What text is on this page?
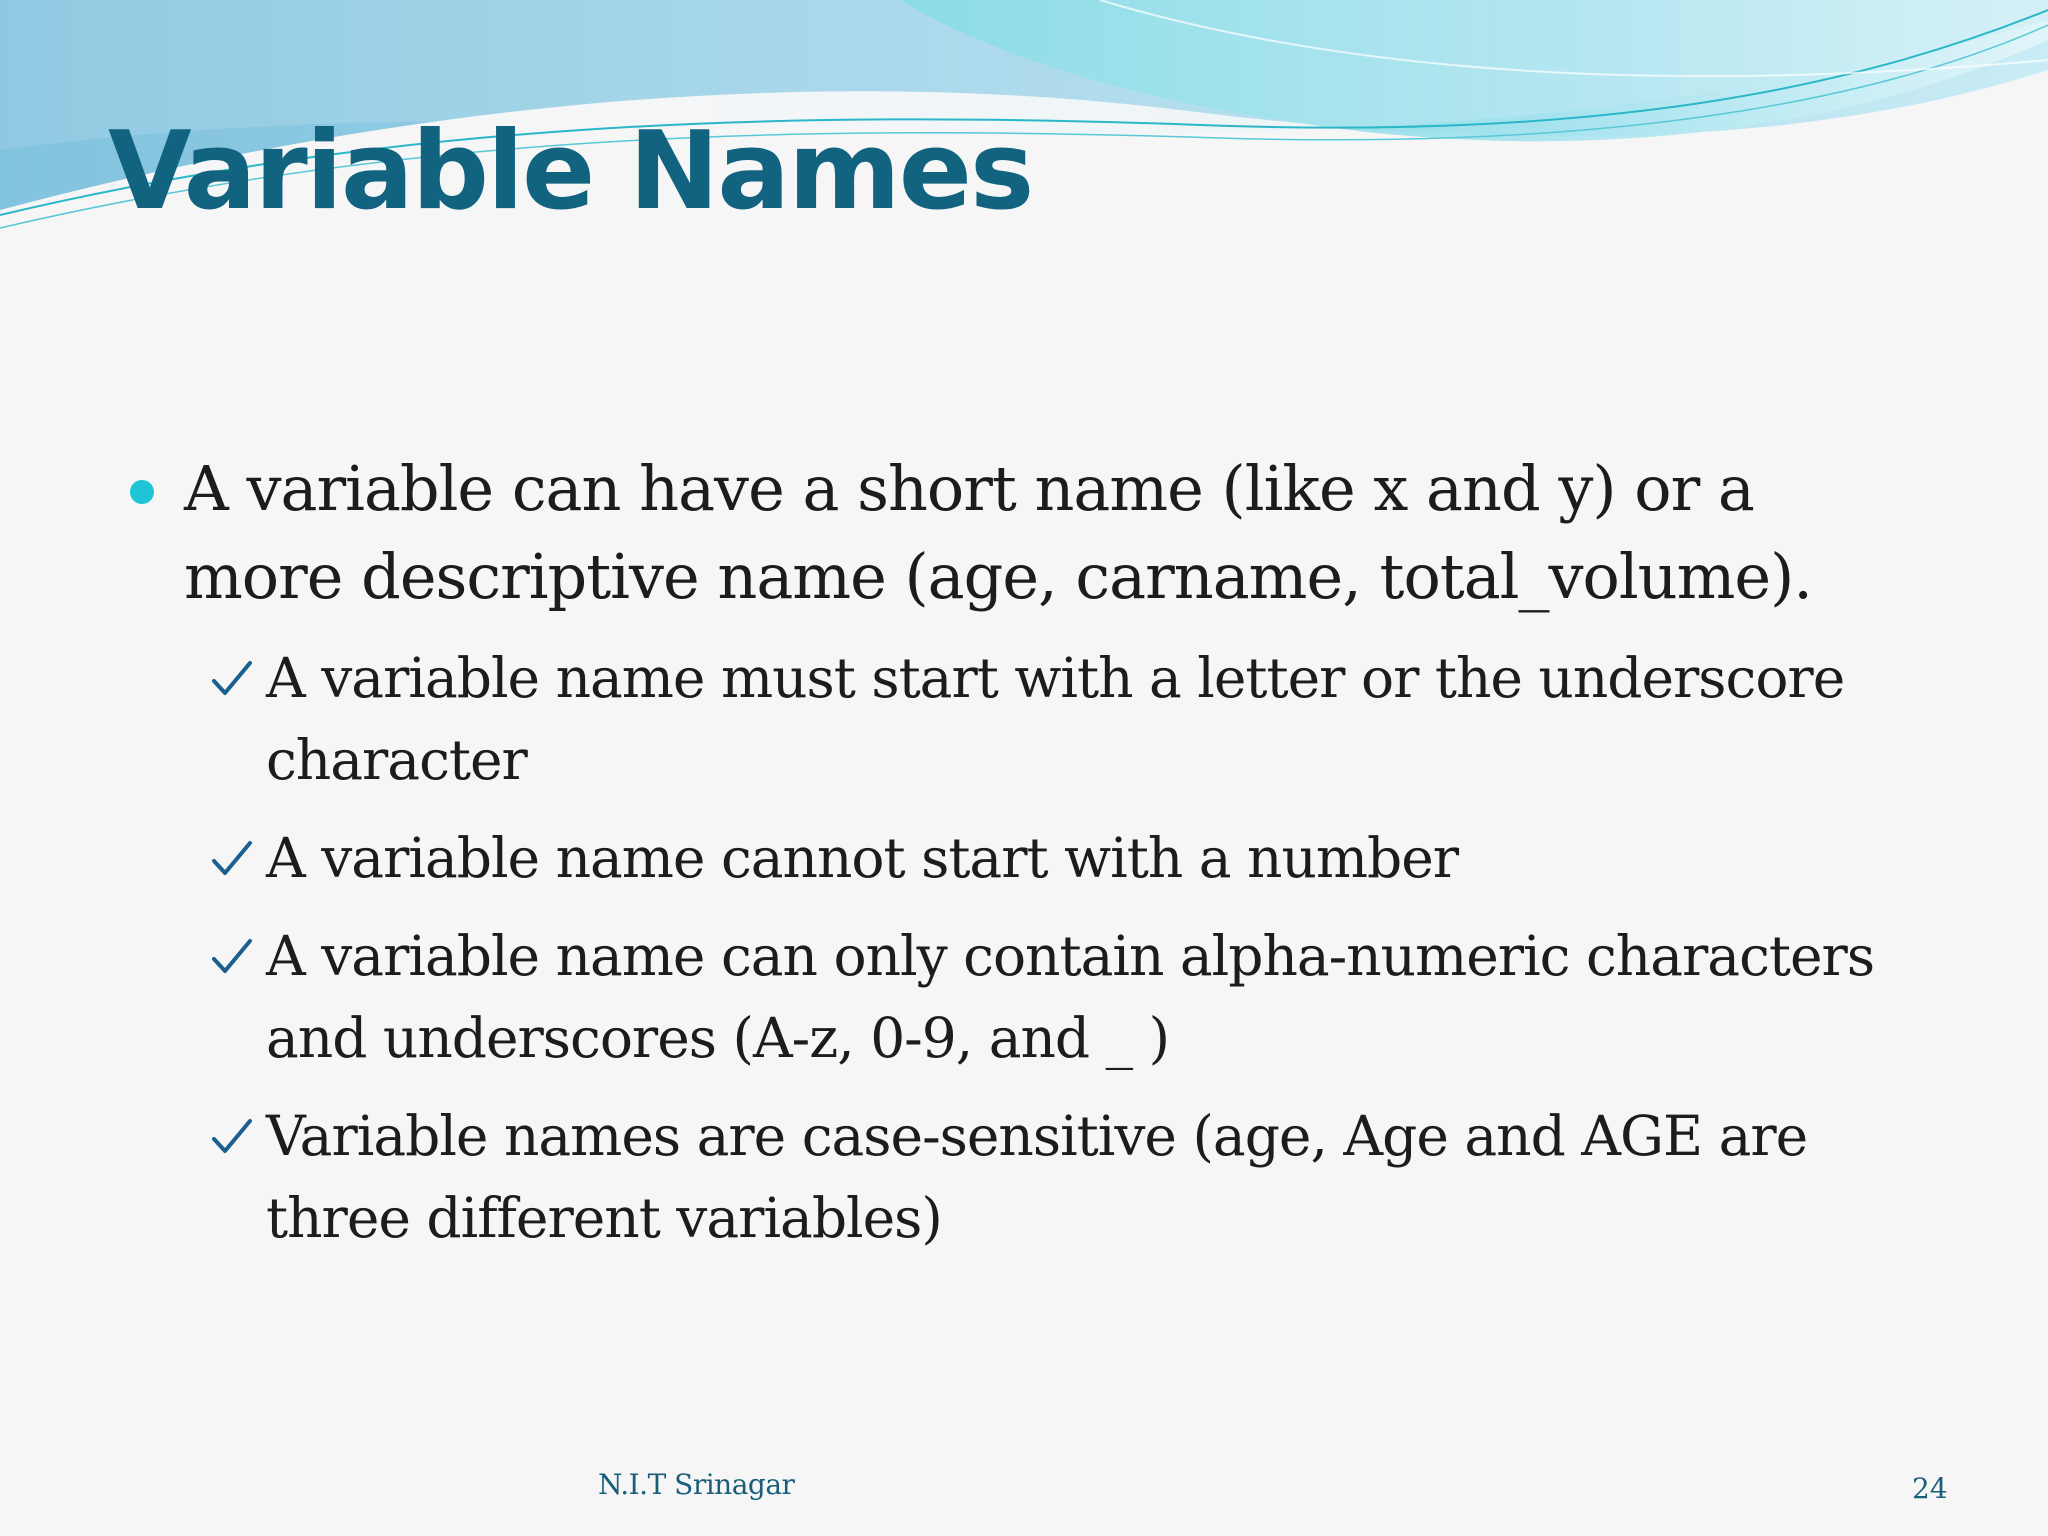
Variable Names
A variable can have a short name (like x and y) or a more descriptive name (age, carname, total_volume).
A variable name must start with a letter or the underscore character
A variable name cannot start with a number
A variable name can only contain alpha-numeric characters and underscores (A-z, 0-9, and _ )
Variable names are case-sensitive (age, Age and AGE are three different variables)
N.I.T Srinagar	24
